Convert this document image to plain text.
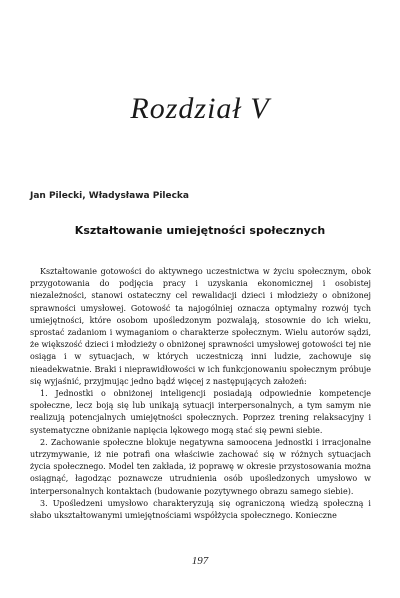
Rozdział V
Jan Pilecki, Władysława Pilecka
Kształtowanie umiejętności społecznych

Kształtowanie gotowości do aktywnego uczestnictwa w życiu społecznym, obok przygotowania do podjęcia pracy i uzyskania ekonomicznej i osobistej niezależności, stanowi ostateczny cel rewalidacji dzieci i młodzieży o obniżonej sprawności umysłowej. Gotowość ta najogólniej oznacza optymalny rozwój tych umiejętności, które osobom upośledzonym pozwalają, stosownie do ich wieku, sprostać zadaniom i wymaganiom o charakterze społecznym. Wielu autorów sądzi, że większość dzieci i młodzieży o obniżonej sprawności umysłowej gotowości tej nie osiąga i w sytuacjach, w których uczestniczą inni ludzie, zachowuje się nieadekwatnie. Braki i nieprawidłowości w ich funkcjonowaniu społecznym próbuje się wyjaśnić, przyjmując jedno bądź więcej z następujących założeń:

1. Jednostki o obniżonej inteligencji posiadają odpowiednie kompetencje społeczne, lecz boją się lub unikają sytuacji interpersonalnych, a tym samym nie realizują potencjalnych umiejętności społecznych. Poprzez trening relaksacyjny i systematyczne obniżanie napięcia lękowego mogą stać się pewni siebie.

2. Zachowanie społeczne blokuje negatywna samoocena jednostki i irracjonalne utrzymywanie, iż nie potrafi ona właściwie zachować się w różnych sytuacjach życia społecznego. Model ten zakłada, iż poprawę w okresie przystosowania można osiągnąć, łagodząc poznawcze utrudnienia osób upośledzonych umysłowo w interpersonalnych kontaktach (budowanie pozytywnego obrazu samego siebie).

3. Upośledzeni umysłowo charakteryzują się ograniczoną wiedzą społeczną i słabo ukształtowanymi umiejętnościami współżycia społecznego. Konieczne

197
